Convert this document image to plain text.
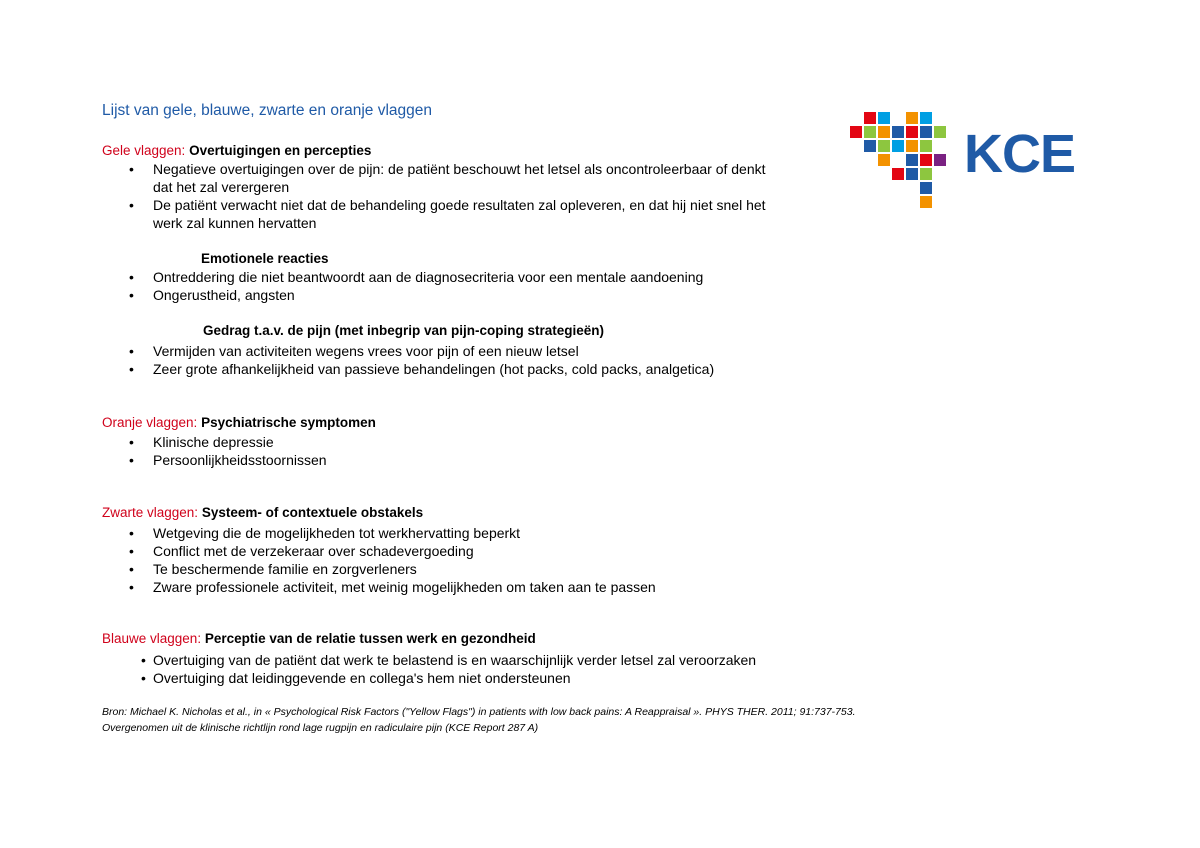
Lijst van gele, blauwe, zwarte en oranje vlaggen
KCE
Gele vlaggen: Overtuigingen en percepties
• Negatieve overtuigingen over de pijn: de patiënt beschouwt het letsel als oncontroleerbaar of denkt
dat het zal verergeren
• De patiënt verwacht niet dat de behandeling goede resultaten zal opleveren, en dat hij niet snel het
werk zal kunnen hervatten
Emotionele reacties
• Ontreddering die niet beantwoordt aan de diagnosecriteria voor een mentale aandoening
• Ongerustheid, angsten
Gedrag t.a.v. de pijn (met inbegrip van pijn-coping strategieën)
• Vermijden van activiteiten wegens vrees voor pijn of een nieuw letsel
• Zeer grote afhankelijkheid van passieve behandelingen (hot packs, cold packs, analgetica)
Oranje vlaggen: Psychiatrische symptomen
• Klinische depressie
• Persoonlijkheidsstoornissen
Zwarte vlaggen: Systeem- of contextuele obstakels
• Wetgeving die de mogelijkheden tot werkhervatting beperkt
• Conflict met de verzekeraar over schadevergoeding
• Te beschermende familie en zorgverleners
• Zware professionele activiteit, met weinig mogelijkheden om taken aan te passen
Blauwe vlaggen: Perceptie van de relatie tussen werk en gezondheid
• Overtuiging van de patiënt dat werk te belastend is en waarschijnlijk verder letsel zal veroorzaken
• Overtuiging dat leidinggevende en collega's hem niet ondersteunen
Bron: Michael K. Nicholas et al., in « Psychological Risk Factors ("Yellow Flags") in patients with low back pains: A Reappraisal ». PHYS THER. 2011; 91:737-753.
Overgenomen uit de klinische richtlijn rond lage rugpijn en radiculaire pijn (KCE Report 287 A)
